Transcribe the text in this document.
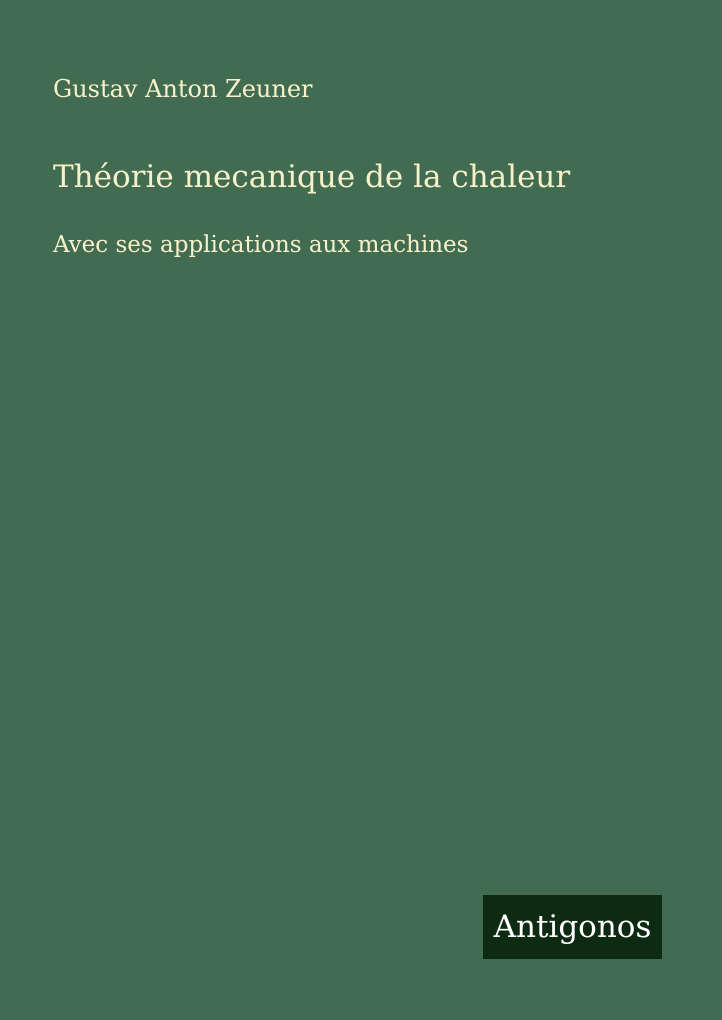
Gustav Anton Zeuner
Théorie mecanique de la chaleur
Avec ses applications aux machines
Antigonos
